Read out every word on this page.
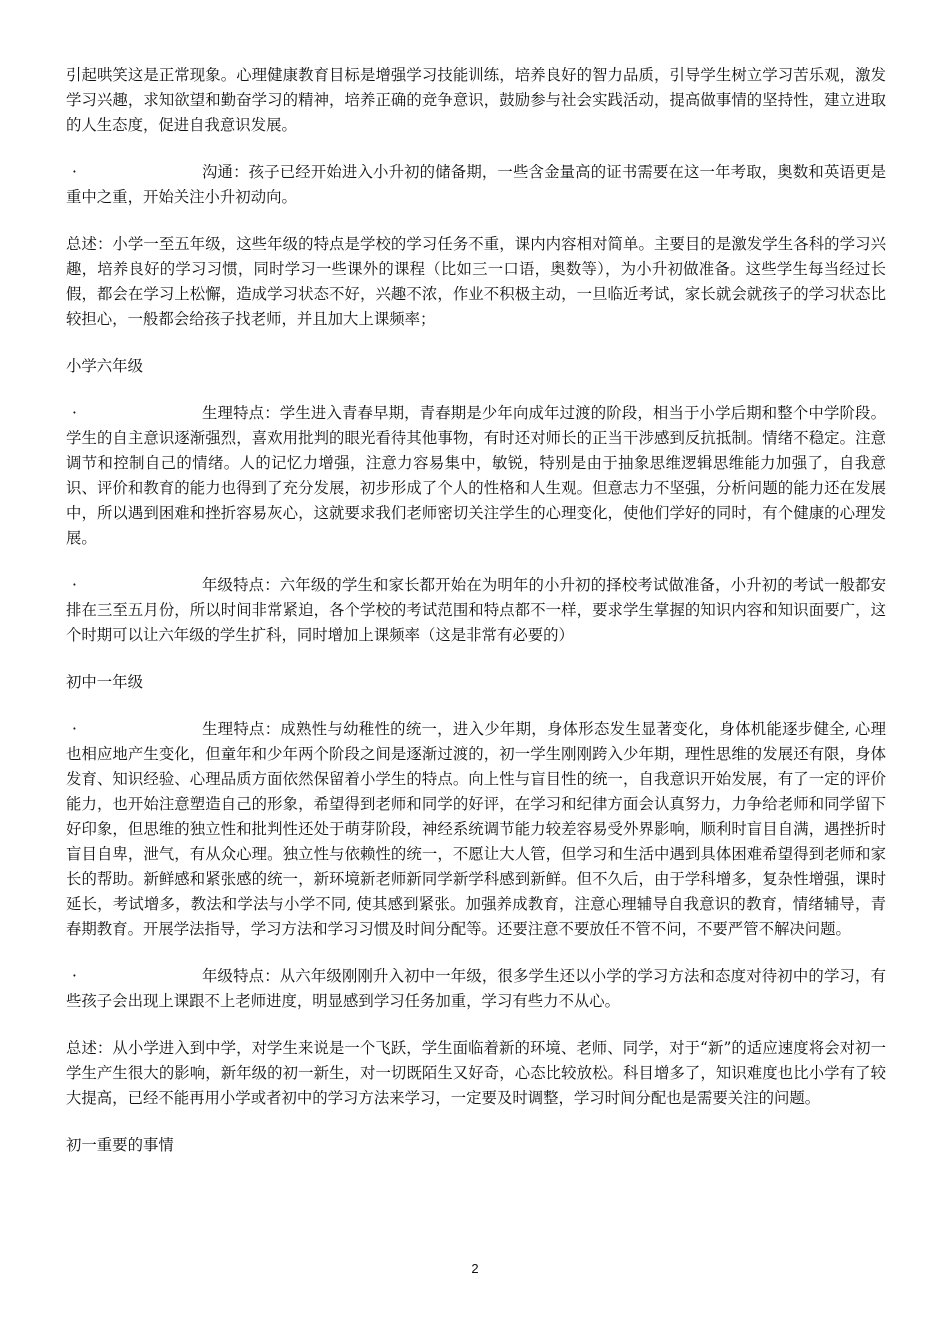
引起哄笑这是正常现象。心理健康教育目标是增强学习技能训练，培养良好的智力品质，引导学生树立学习苦乐观，激发学习兴趣，求知欲望和勤奋学习的精神，培养正确的竞争意识，鼓励参与社会实践活动，提高做事情的坚持性，建立进取的人生态度，促进自我意识发展。

·	沟通：孩子已经开始进入小升初的储备期，一些含金量高的证书需要在这一年考取，奥数和英语更是重中之重，开始关注小升初动向。

总述：小学一至五年级，这些年级的特点是学校的学习任务不重，课内内容相对简单。主要目的是激发学生各科的学习兴趣，培养良好的学习习惯，同时学习一些课外的课程（比如三一口语，奥数等），为小升初做准备。这些学生每当经过长假，都会在学习上松懈，造成学习状态不好，兴趣不浓，作业不积极主动，一旦临近考试，家长就会就孩子的学习状态比较担心，一般都会给孩子找老师，并且加大上课频率；

小学六年级

·	生理特点：学生进入青春早期，青春期是少年向成年过渡的阶段，相当于小学后期和整个中学阶段。学生的自主意识逐渐强烈，喜欢用批判的眼光看待其他事物，有时还对师长的正当干涉感到反抗抵制。情绪不稳定。注意调节和控制自己的情绪。人的记忆力增强，注意力容易集中，敏锐，特别是由于抽象思维逻辑思维能力加强了，自我意识、评价和教育的能力也得到了充分发展，初步形成了个人的性格和人生观。但意志力不坚强，分析问题的能力还在发展中，所以遇到困难和挫折容易灰心，这就要求我们老师密切关注学生的心理变化，使他们学好的同时，有个健康的心理发展。

·	年级特点：六年级的学生和家长都开始在为明年的小升初的择校考试做准备，小升初的考试一般都安排在三至五月份，所以时间非常紧迫，各个学校的考试范围和特点都不一样，要求学生掌握的知识内容和知识面要广，这个时期可以让六年级的学生扩科，同时增加上课频率（这是非常有必要的）

初中一年级

·	生理特点：成熟性与幼稚性的统一，进入少年期，身体形态发生显著变化，身体机能逐步健全, 心理也相应地产生变化，但童年和少年两个阶段之间是逐渐过渡的，初一学生刚刚跨入少年期，理性思维的发展还有限，身体发育、知识经验、心理品质方面依然保留着小学生的特点。向上性与盲目性的统一，自我意识开始发展，有了一定的评价能力，也开始注意塑造自己的形象，希望得到老师和同学的好评，在学习和纪律方面会认真努力，力争给老师和同学留下好印象，但思维的独立性和批判性还处于萌芽阶段，神经系统调节能力较差容易受外界影响，顺利时盲目自满，遇挫折时盲目自卑，泄气，有从众心理。独立性与依赖性的统一，不愿让大人管，但学习和生活中遇到具体困难希望得到老师和家长的帮助。新鲜感和紧张感的统一，新环境新老师新同学新学科感到新鲜。但不久后，由于学科增多，复杂性增强，课时延长，考试增多，教法和学法与小学不同, 使其感到紧张。加强养成教育，注意心理辅导自我意识的教育，情绪辅导，青春期教育。开展学法指导，学习方法和学习习惯及时间分配等。还要注意不要放任不管不问，不要严管不解决问题。

·	年级特点：从六年级刚刚升入初中一年级，很多学生还以小学的学习方法和态度对待初中的学习，有些孩子会出现上课跟不上老师进度，明显感到学习任务加重，学习有些力不从心。

总述：从小学进入到中学，对学生来说是一个飞跃，学生面临着新的环境、老师、同学，对于“新”的适应速度将会对初一学生产生很大的影响，新年级的初一新生，对一切既陌生又好奇，心态比较放松。科目增多了，知识难度也比小学有了较大提高，已经不能再用小学或者初中的学习方法来学习，一定要及时调整，学习时间分配也是需要关注的问题。

初一重要的事情

2
